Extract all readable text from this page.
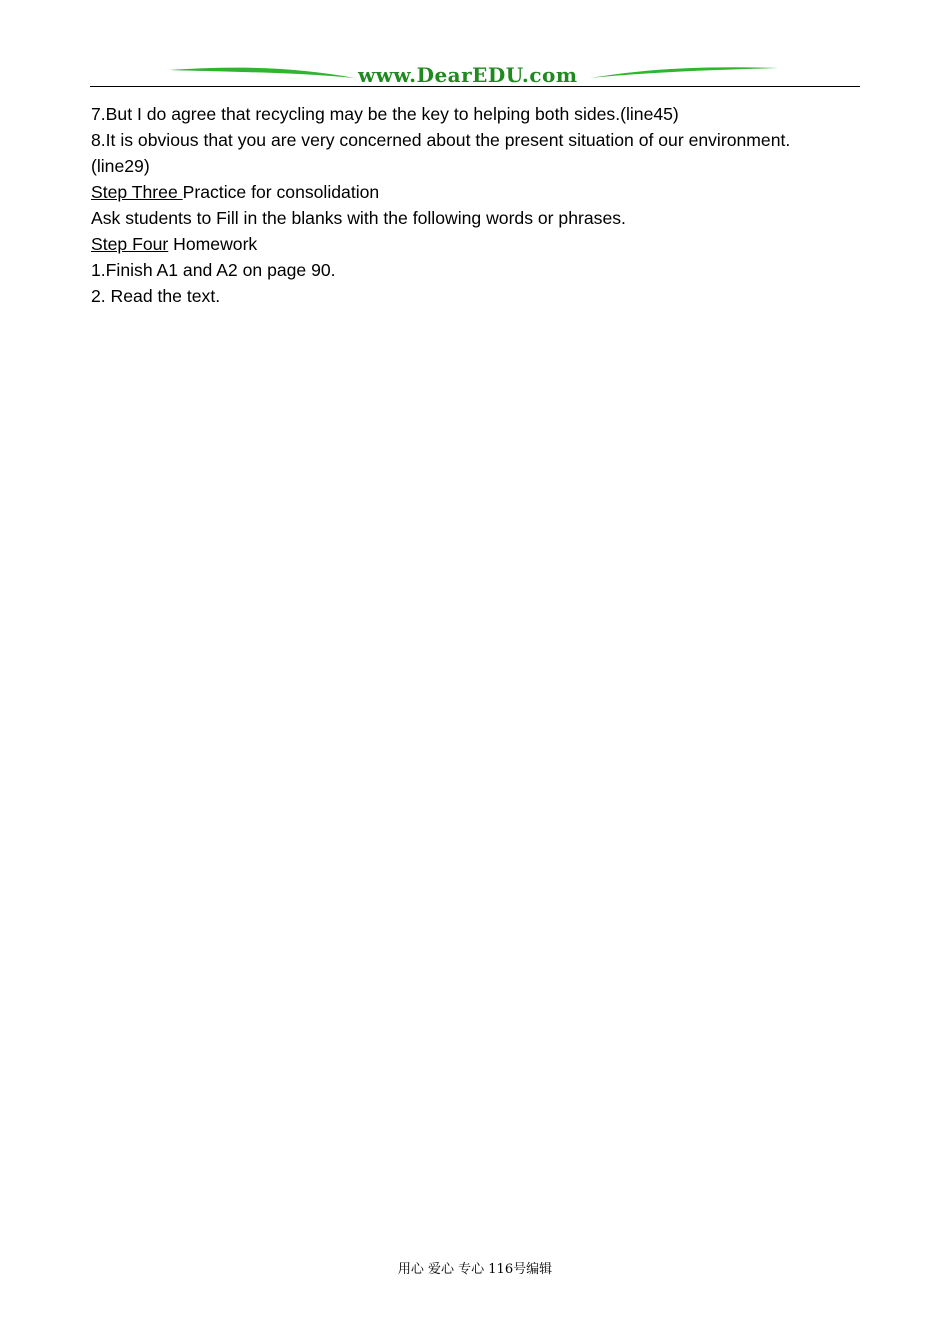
www.DearEDU.com

7.But I do agree that recycling may be the key to helping both sides.(line45)

8.It is obvious that you are very concerned about the present situation of our environment.

(line29)

Step Three Practice for consolidation

Ask students to Fill in the blanks with the following words or phrases.

Step Four Homework

1.Finish A1 and A2 on page 90.

2. Read the text.

用心 爱心 专心 116号编辑
